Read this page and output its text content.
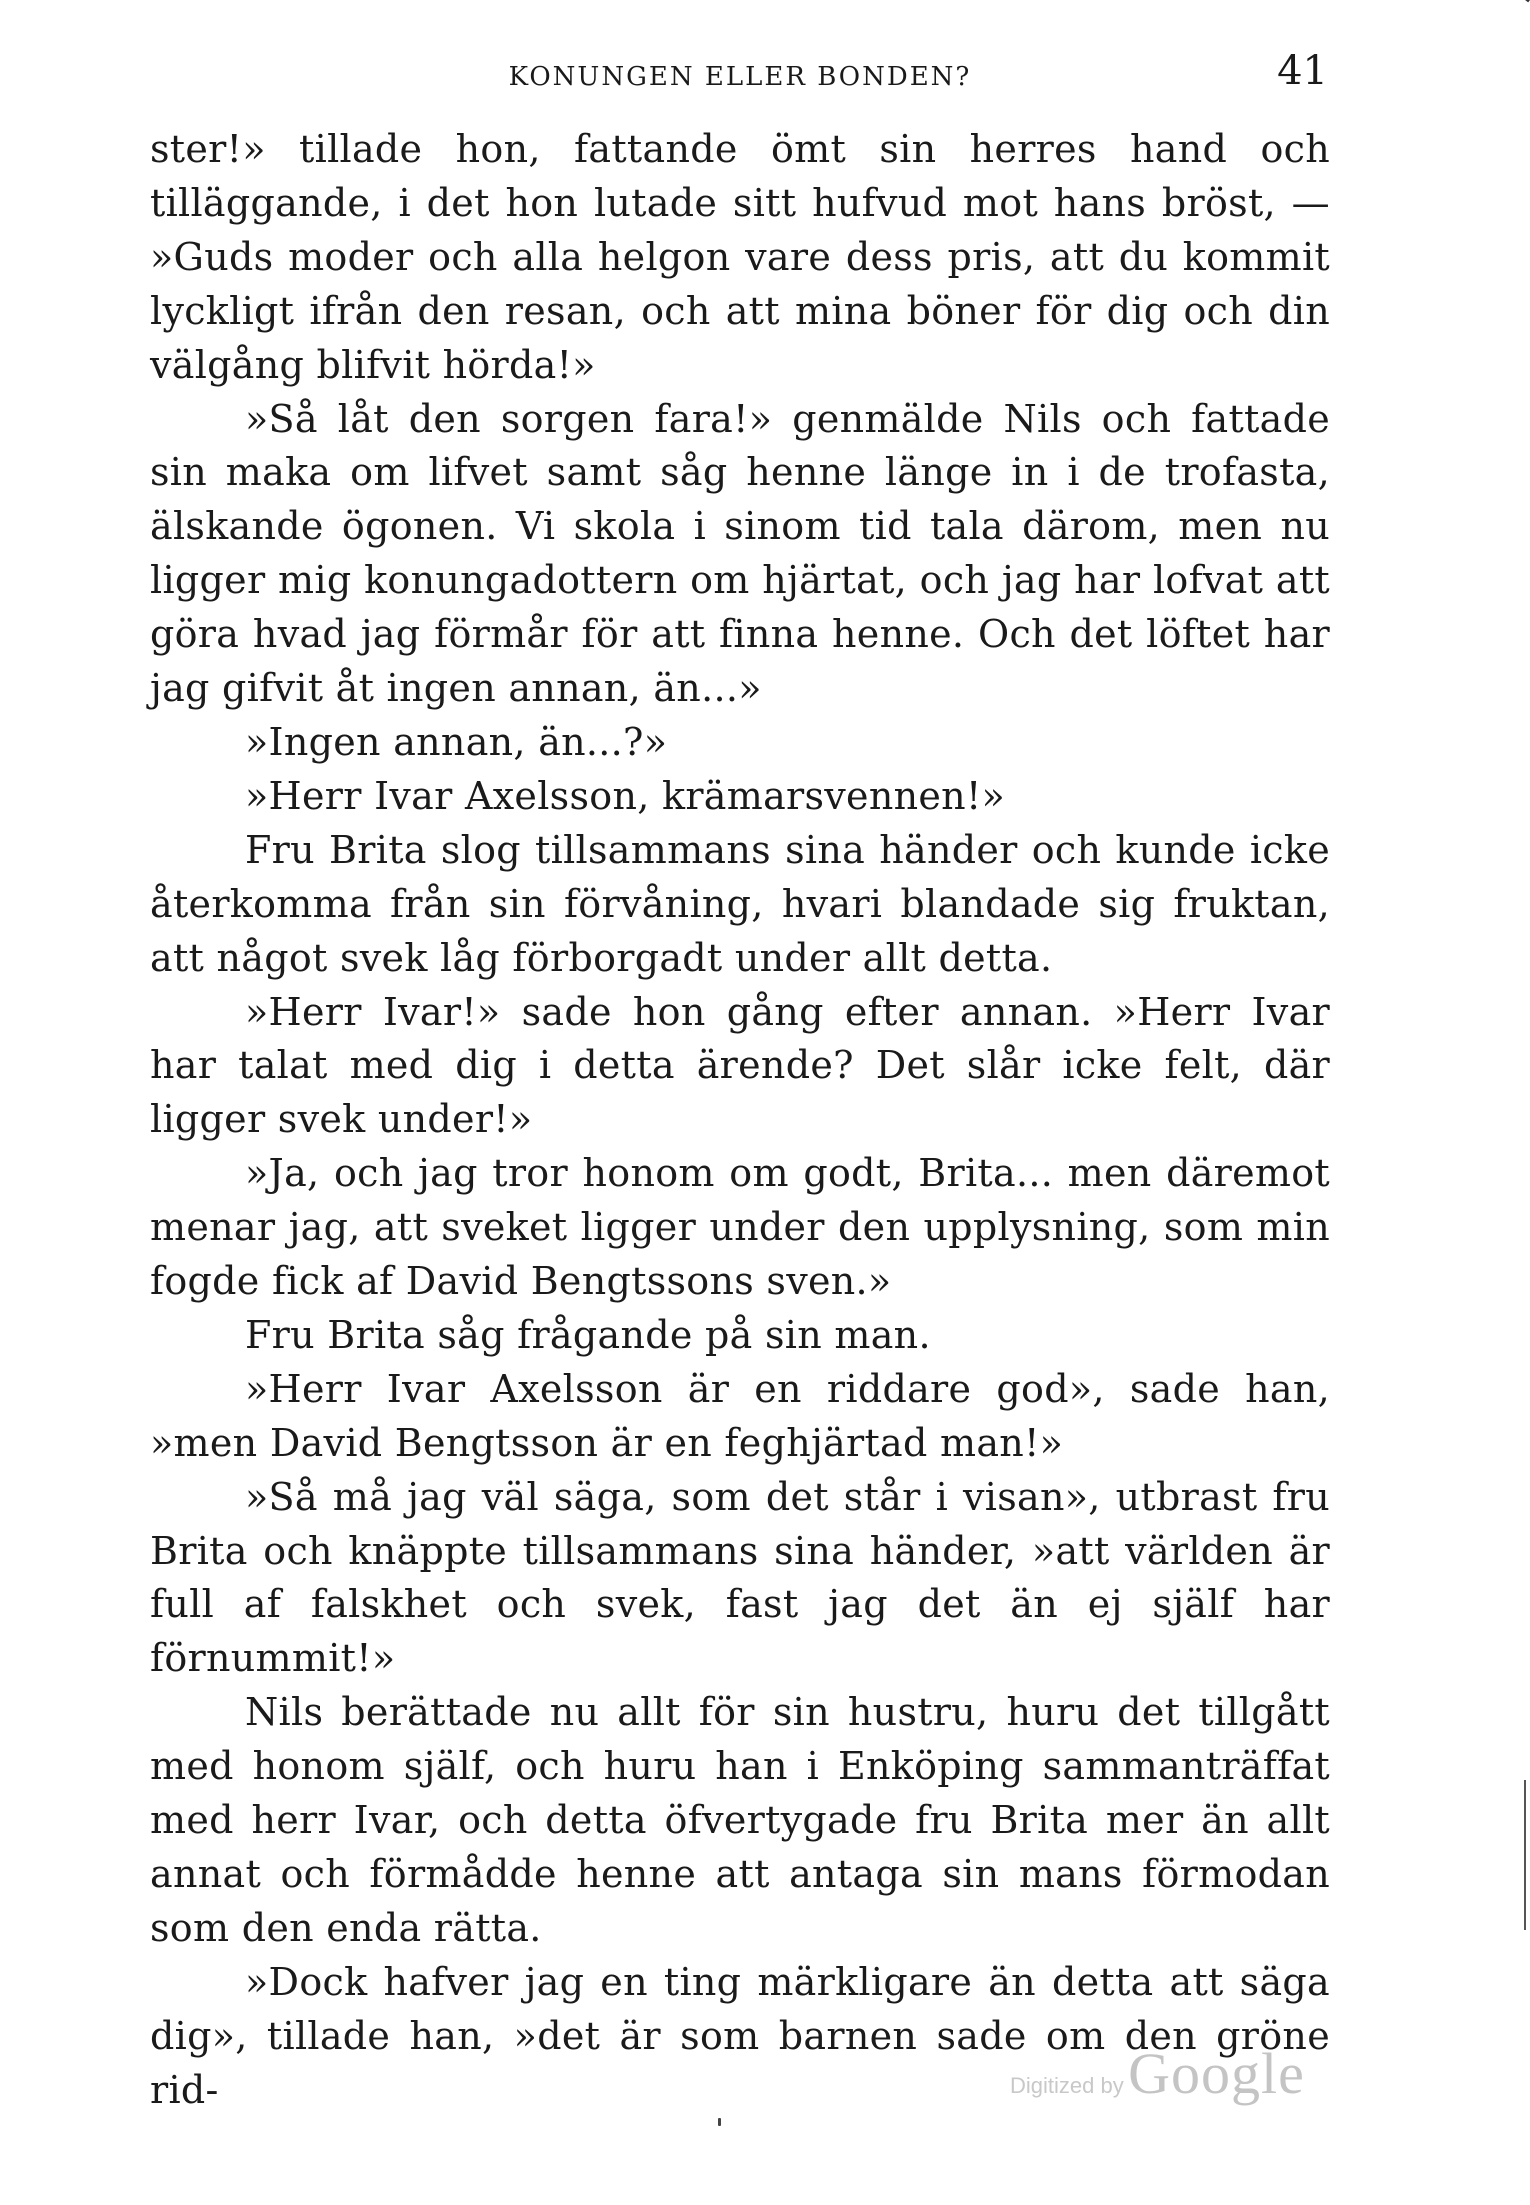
KONUNGEN ELLER BONDEN?	41

ster!» tillade hon, fattande ömt sin herres hand och tilläggande, i det hon lutade sitt hufvud mot hans bröst, — »Guds moder och alla helgon vare dess pris, att du kommit lyckligt ifrån den resan, och att mina böner för dig och din välgång blifvit hörda!»

»Så låt den sorgen fara!» genmälde Nils och fattade sin maka om lifvet samt såg henne länge in i de trofasta, älskande ögonen. Vi skola i sinom tid tala därom, men nu ligger mig konungadottern om hjärtat, och jag har lofvat att göra hvad jag förmår för att finna henne. Och det löftet har jag gifvit åt ingen annan, än...»

»Ingen annan, än...?»

»Herr Ivar Axelsson, krämarsvennen!»

Fru Brita slog tillsammans sina händer och kunde icke återkomma från sin förvåning, hvari blandade sig fruktan, att något svek låg förborgadt under allt detta.

»Herr Ivar!» sade hon gång efter annan. »Herr Ivar har talat med dig i detta ärende? Det slår icke felt, där ligger svek under!»

»Ja, och jag tror honom om godt, Brita... men däremot menar jag, att sveket ligger under den upplysning, som min fogde fick af David Bengtssons sven.»

Fru Brita såg frågande på sin man.

»Herr Ivar Axelsson är en riddare god», sade han, »men David Bengtsson är en feghjärtad man!»

»Så må jag väl säga, som det står i visan», utbrast fru Brita och knäppte tillsammans sina händer, »att världen är full af falskhet och svek, fast jag det än ej själf har förnummit!»

Nils berättade nu allt för sin hustru, huru det tillgått med honom själf, och huru han i Enköping sammanträffat med herr Ivar, och detta öfvertygade fru Brita mer än allt annat och förmådde henne att antaga sin mans förmodan som den enda rätta.

»Dock hafver jag en ting märkligare än detta att säga dig», tillade han, »det är som barnen sade om den gröne rid-	Digitized by Google
